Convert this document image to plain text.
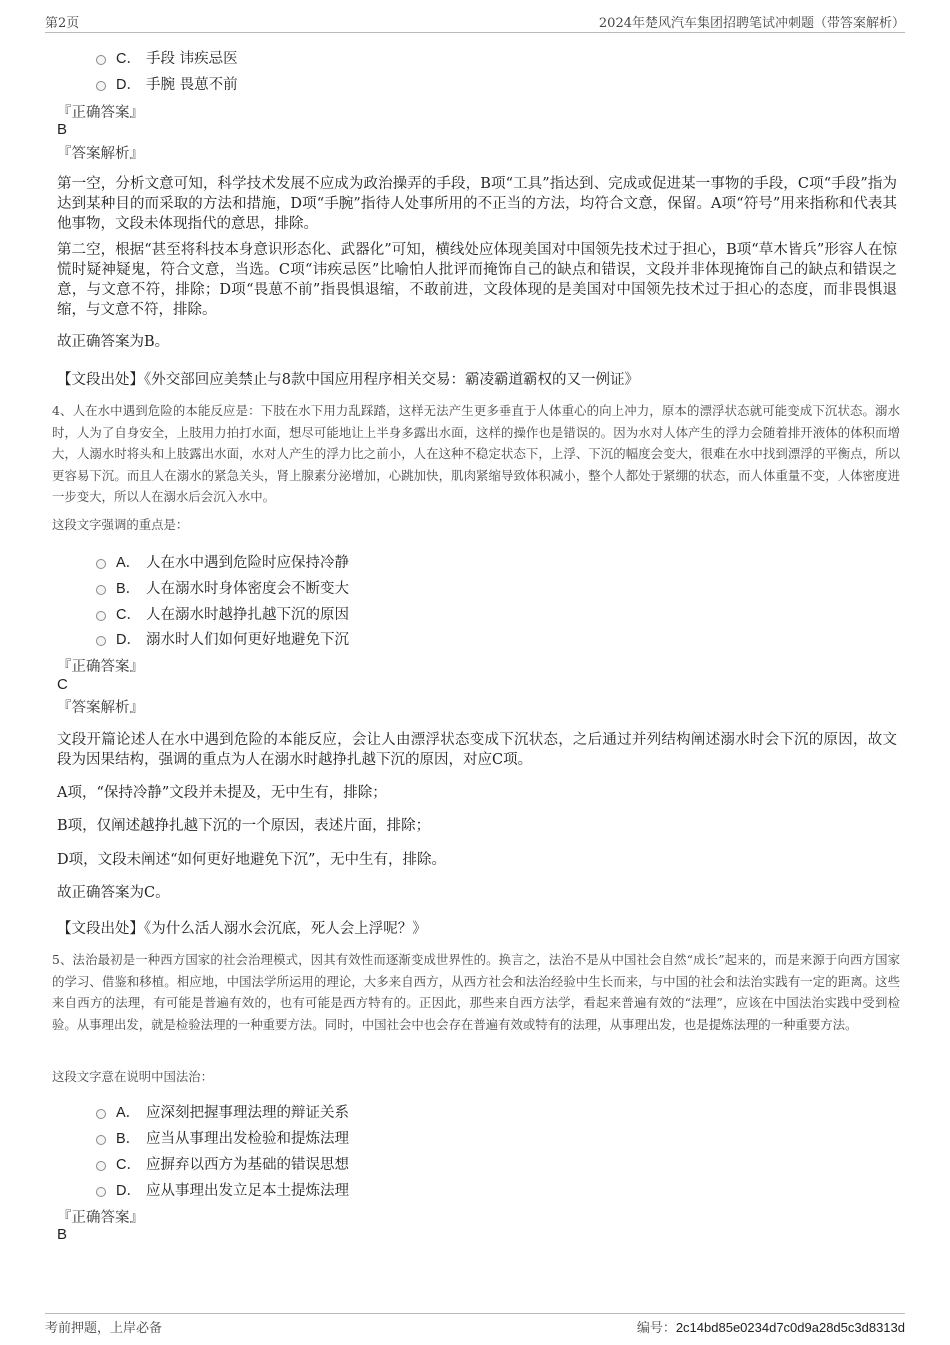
第2页	2024年楚风汽车集团招聘笔试冲刺题（带答案解析）
C． 手段 讳疾忌医
D． 手腕 畏葸不前
『正确答案』
B
『答案解析』
第一空，分析文意可知，科学技术发展不应成为政治操弄的手段，B项“工具”指达到、完成或促进某一事物的手段，C项“手段”指为达到某种目的而采取的方法和措施，D项“手腕”指待人处事所用的不正当的方法，均符合文意，保留。A项“符号”用来指称和代表其他事物，文段未体现指代的意思，排除。
第二空，根据“甚至将科技本身意识形态化、武器化”可知，横线处应体现美国对中国领先技术过于担心，B项“草木皆兵”形容人在惊慌时疑神疑鬼，符合文意，当选。C项“讳疾忌医”比喻怕人批评而掩饰自己的缺点和错误，文段并非体现掩饰自己的缺点和错误之意，与文意不符，排除；D项“畏葸不前”指畏惧退缩，不敢前进，文段体现的是美国对中国领先技术过于担心的态度，而非畏惧退缩，与文意不符，排除。
故正确答案为B。
【文段出处】《外交部回应美禁止与8款中国应用程序相关交易：霸凌霸道霸权的又一例证》
4、人在水中遇到危险的本能反应是：下肢在水下用力乱踩踏，这样无法产生更多垂直于人体重心的向上冲力，原本的漂浮状态就可能变成下沉状态。溺水时，人为了自身安全，上肢用力拍打水面，想尽可能地让上半身多露出水面，这样的操作也是错误的。因为水对人体产生的浮力会随着排开液体的体积而增大，人溺水时将头和上肢露出水面，水对人产生的浮力比之前小，人在这种不稳定状态下，上浮、下沉的幅度会变大，很难在水中找到漂浮的平衡点，所以更容易下沉。而且人在溺水的紧急关头，肾上腺素分泌增加，心跳加快，肌肉紧缩导致体积减小，整个人都处于紧绷的状态，而人体重量不变，人体密度进一步变大，所以人在溺水后会沉入水中。
这段文字强调的重点是：
A． 人在水中遇到危险时应保持冷静
B． 人在溺水时身体密度会不断变大
C． 人在溺水时越挣扎越下沉的原因
D． 溺水时人们如何更好地避免下沉
『正确答案』
C
『答案解析』
文段开篇论述人在水中遇到危险的本能反应，会让人由漂浮状态变成下沉状态，之后通过并列结构阐述溺水时会下沉的原因，故文段为因果结构，强调的重点为人在溺水时越挣扎越下沉的原因，对应C项。
A项，“保持冷静”文段并未提及，无中生有，排除；
B项，仅阐述越挣扎越下沉的一个原因，表述片面，排除；
D项，文段未阐述“如何更好地避免下沉”，无中生有，排除。
故正确答案为C。
【文段出处】《为什么活人溺水会沉底，死人会上浮呢？》
5、法治最初是一种西方国家的社会治理模式，因其有效性而逐渐变成世界性的。换言之，法治不是从中国社会自然“成长”起来的，而是来源于向西方国家的学习、借鉴和移植。相应地，中国法学所运用的理论，大多来自西方，从西方社会和法治经验中生长而来，与中国的社会和法治实践有一定的距离。这些来自西方的法理，有可能是普遍有效的，也有可能是西方特有的。正因此，那些来自西方法学，看起来普遍有效的“法理”，应该在中国法治实践中受到检验。从事理出发，就是检验法理的一种重要方法。同时，中国社会中也会存在普遍有效或特有的法理，从事理出发，也是提炼法理的一种重要方法。
这段文字意在说明中国法治：
A． 应深刻把握事理法理的辩证关系
B． 应当从事理出发检验和提炼法理
C． 应摒弃以西方为基础的错误思想
D． 应从事理出发立足本土提炼法理
『正确答案』
B
考前押题，上岸必备	编号：2c14bd85e0234d7c0d9a28d5c3d8313d
